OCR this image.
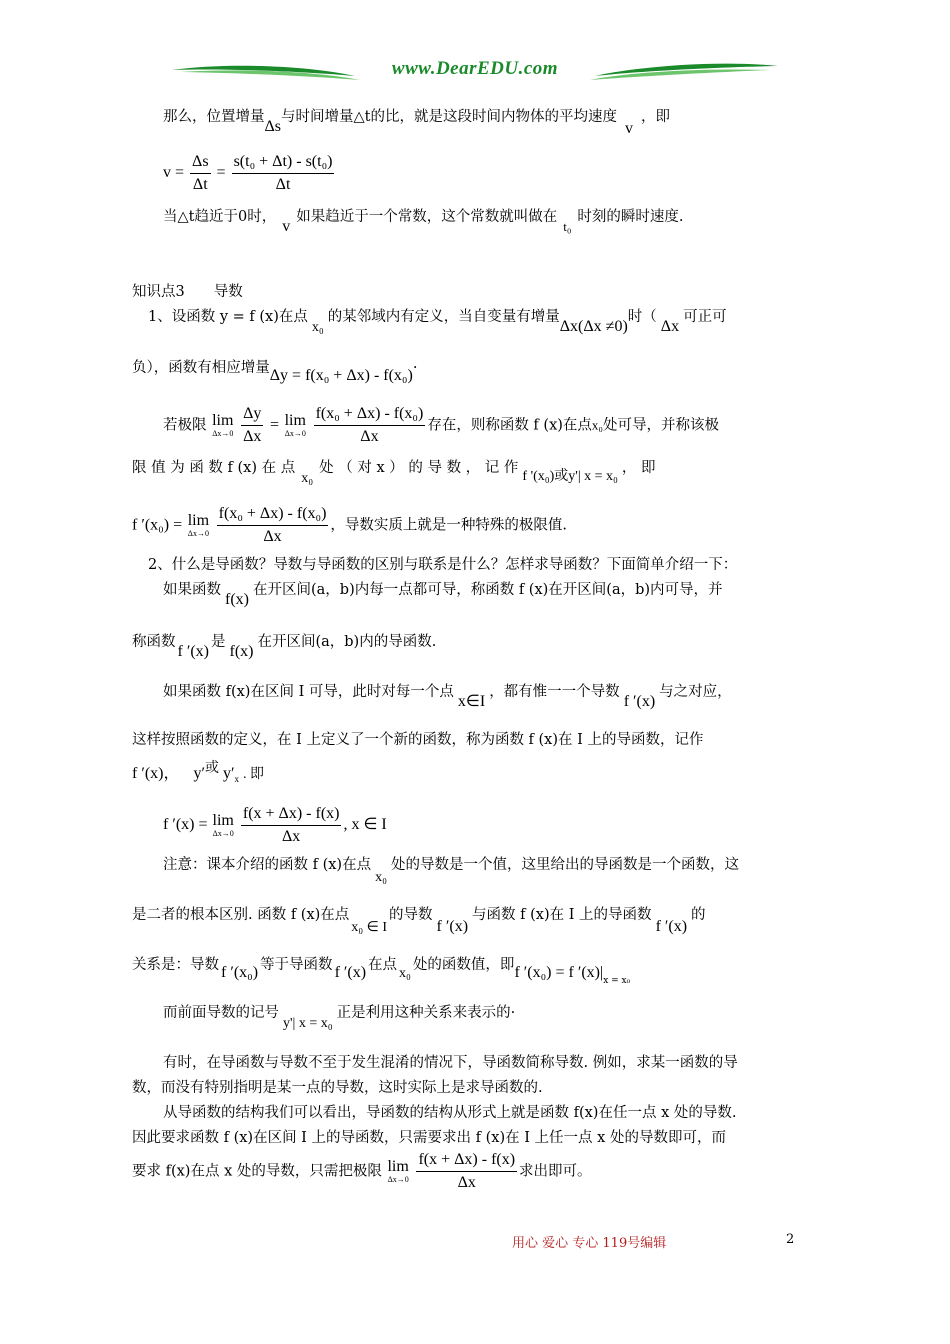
www.DearEDU.com
那么，位置增量Δs与时间增量△t的比，就是这段时间内物体的平均速度v，即
$v = \frac{\Delta s}{\Delta t} = \frac{\text{s(t₀ + Δt) - s(t₀)}}{\Delta t}$
当△t趋近于0时，v如果趋近于一个常数，这个常数就叫做在t₀时刻的瞬时速度.
知识点3　　导数
1、设函数 y = f (x)在点x₀的某邻域内有定义，当自变量有增量Δx(Δx ≠0)时（Δx可正可
负），函数有相应增量Δy = f(x₀ + Δx) - f(x₀)·
若极限 lim
Δx→0
$\frac{\Delta y}{\Delta x} = \lim$
Δx→0
$\frac{\text{f(x₀ + Δx) - f(x₀)}}{\Delta x}$ 存在，则称函数 f (x)在点x₀处可导，并称该极
限 值 为 函 数 f (x) 在 点x₀处 （ 对 x ） 的 导 数 ， 记 作f '(x₀)或y'| x = x₀， 即
f ′(x₀) = lim
Δx→0
$\frac{\text{f(x₀ + Δx) - f(x₀)}}{\Delta x}$ ，导数实质上就是一种特殊的极限值.
2、什么是导函数？导数与导函数的区别与联系是什么？怎样求导函数？下面简单介绍一下：
如果函数f(x)在开区间(a，b)内每一点都可导，称函数 f (x)在开区间(a，b)内可导，并
称函数f ′(x)是f(x)在开区间(a，b)内的导函数.
如果函数 f(x)在区间 I 可导，此时对每一个点x∈I，都有惟一一个导数f ′(x)与之对应，
这样按照函数的定义，在 I 上定义了一个新的函数，称为函数 f (x)在 I 上的导函数，记作
f ′(x)， y′或 $y'_x$ . 即
f ′(x) = lim
Δx→0
$\frac{f(x + \Delta x) - f(x)}{\Delta x}$ , x ∈ I
注意：课本介绍的函数 f (x)在点x₀处的导数是一个值，这里给出的导函数是一个函数，这
是二者的根本区别. 函数 f (x)在点x₀ ∈ I的导数f ′(x)与函数 f (x)在 I 上的导函数f ′(x)的
关系是：导数 f ′(x₀) 等于导函数 f ′(x) 在点x₀处的函数值，即f ′(x₀) = f $'(x)|_{x = x_0}$
而前面导数的记号y'| x = x₀正是利用这种关系来表示的·
有时，在导函数与导数不至于发生混淆的情况下，导函数简称导数. 例如，求某一函数的导
数，而没有特别指明是某一点的导数，这时实际上是求导函数的.
从导函数的结构我们可以看出，导函数的结构从形式上就是函数 f(x)在任一点 x 处的导数.
因此要求函数 f (x)在区间 I 上的导函数，只需要求出 f (x)在 I 上任一点 x 处的导数即可，而
要求 f(x)在点 x 处的导数，只需把极限 lim
Δx→0
$\frac{f(x + \Delta x) - f(x)}{\Delta x}$ 求出即可。
用心 爱心 专心 119号编辑	2
